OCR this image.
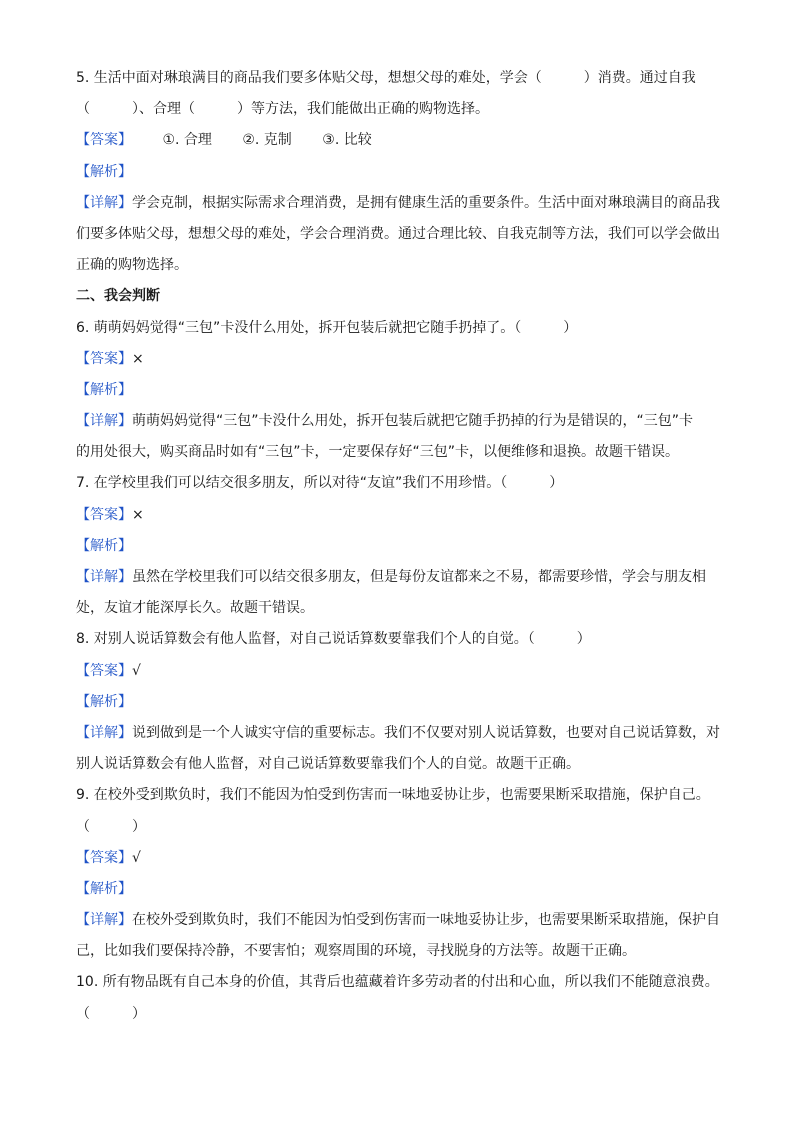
5. 生活中面对琳琅满目的商品我们要多体贴父母，想想父母的难处，学会（　　　）消费。通过自我
（　　　）、合理（　　　）等方法，我们能做出正确的购物选择。
【答案】 ①. 合理 ②. 克制 ③. 比较
【解析】
【详解】学会克制，根据实际需求合理消费，是拥有健康生活的重要条件。生活中面对琳琅满目的商品我
们要多体贴父母，想想父母的难处，学会合理消费。通过合理比较、自我克制等方法，我们可以学会做出
正确的购物选择。
二、我会判断
6. 萌萌妈妈觉得“三包”卡没什么用处，拆开包装后就把它随手扔掉了。（　　　）
【答案】×
【解析】
【详解】萌萌妈妈觉得“三包”卡没什么用处，拆开包装后就把它随手扔掉的行为是错误的，“三包”卡
的用处很大，购买商品时如有“三包”卡，一定要保存好“三包”卡，以便维修和退换。故题干错误。
7. 在学校里我们可以结交很多朋友，所以对待“友谊”我们不用珍惜。（　　　）
【答案】×
【解析】
【详解】虽然在学校里我们可以结交很多朋友，但是每份友谊都来之不易，都需要珍惜，学会与朋友相
处，友谊才能深厚长久。故题干错误。
8. 对别人说话算数会有他人监督，对自己说话算数要靠我们个人的自觉。（　　　）
【答案】√
【解析】
【详解】说到做到是一个人诚实守信的重要标志。我们不仅要对别人说话算数，也要对自己说话算数，对
别人说话算数会有他人监督，对自己说话算数要靠我们个人的自觉。故题干正确。
9. 在校外受到欺负时，我们不能因为怕受到伤害而一味地妥协让步，也需要果断采取措施，保护自己。
（　　　）
【答案】√
【解析】
【详解】在校外受到欺负时，我们不能因为怕受到伤害而一味地妥协让步，也需要果断采取措施，保护自
己，比如我们要保持冷静，不要害怕；观察周围的环境，寻找脱身的方法等。故题干正确。
10. 所有物品既有自己本身的价值，其背后也蕴藏着许多劳动者的付出和心血，所以我们不能随意浪费。
（　　　）
